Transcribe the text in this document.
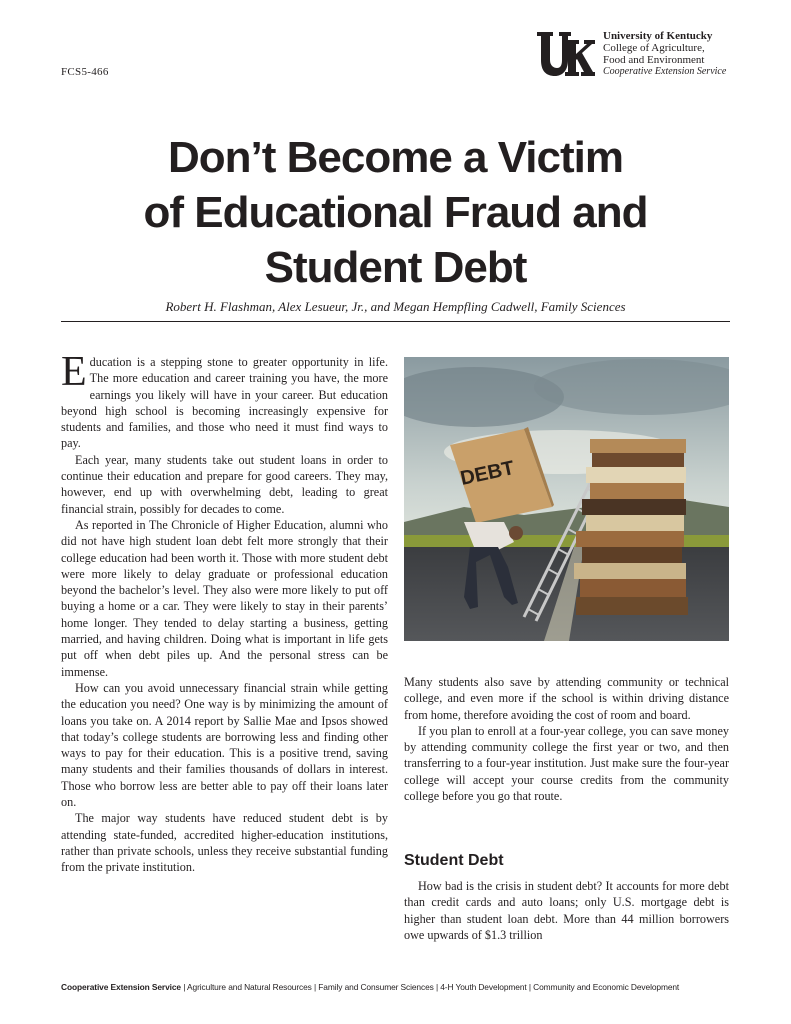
FCS5-466
University of Kentucky
College of Agriculture,
Food and Environment
Cooperative Extension Service
Don’t Become a Victim
of Educational Fraud and
Student Debt
Robert H. Flashman, Alex Lesueur, Jr., and Megan Hempfling Cadwell, Family Sciences

Education is a stepping stone to greater opportunity in life. The more education and career training you have, the more earnings you likely will have in your career. But education beyond high school is becoming increasingly expensive for students and families, and those who need it must find ways to pay.

Each year, many students take out student loans in order to continue their education and prepare for good careers. They may, however, end up with overwhelming debt, leading to great financial strain, possibly for decades to come.

As reported in The Chronicle of Higher Education, alumni who did not have high student loan debt felt more strongly that their college education had been worth it. Those with more student debt were more likely to delay graduate or professional education beyond the bachelor’s level. They also were more likely to put off buying a home or a car. They were likely to stay in their parents’ home longer. They tended to delay starting a business, getting married, and having children. Doing what is important in life gets put off when debt piles up. And the personal stress can be immense.

How can you avoid unnecessary financial strain while getting the education you need? One way is by minimizing the amount of loans you take on. A 2014 report by Sallie Mae and Ipsos showed that today’s college students are borrowing less and finding other ways to pay for their education. This is a positive trend, saving many students and their families thousands of dollars in interest. Those who borrow less are better able to pay off their loans later on.

The major way students have reduced student debt is by attending state-funded, accredited higher-education institutions, rather than private schools, unless they receive substantial funding from the private institution.

DEBT

Many students also save by attending community or technical college, and even more if the school is within driving distance from home, therefore avoiding the cost of room and board.

If you plan to enroll at a four-year college, you can save money by attending community college the first year or two, and then transferring to a four-year institution. Just make sure the four-year college will accept your course credits from the community college before you go that route.

Student Debt

How bad is the crisis in student debt? It accounts for more debt than credit cards and auto loans; only U.S. mortgage debt is higher than student loan debt. More than 44 million borrowers owe upwards of $1.3 trillion

Cooperative Extension Service | Agriculture and Natural Resources | Family and Consumer Sciences | 4-H Youth Development | Community and Economic Development
